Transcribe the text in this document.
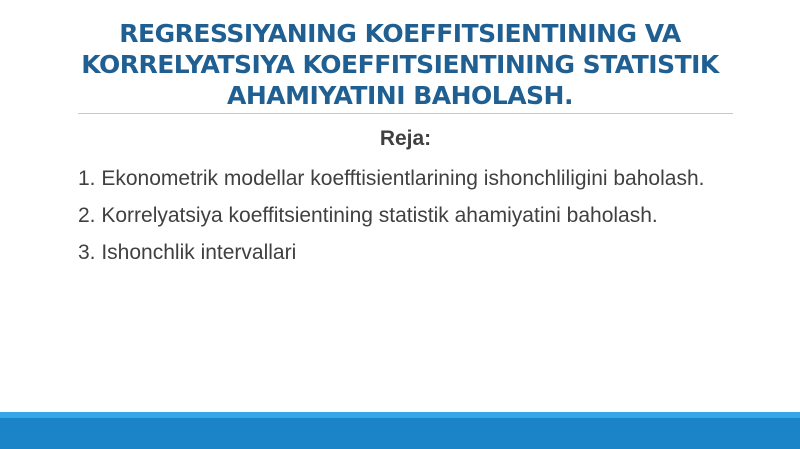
REGRESSIYANING KOEFFITSIENTINING VA KORRELYATSIYA KOEFFITSIENTINING STATISTIK AHAMIYATINI BAHOLASH.
Reja:
1. Ekonometrik modellar koefftisientlarining ishonchliligini baholash.
2. Korrelyatsiya koeffitsientining statistik ahamiyatini baholash.
3. Ishonchlik intervallari
